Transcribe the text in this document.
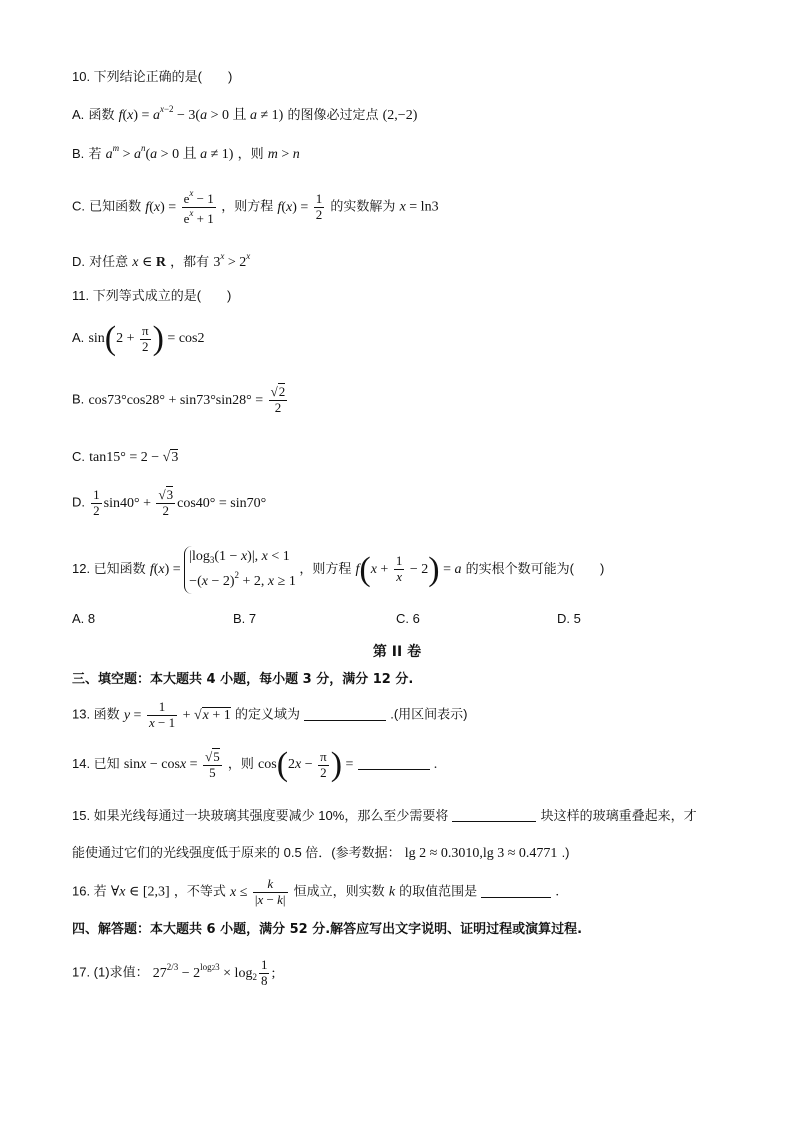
10. 下列结论正确的是(　　)
A. 函数 $f(x) = a^{x-2} - 3(a > 0$ 且 a ≠ 1) 的图像必过定点 (2,−2)
B. 若 $a^m > a^n(a > 0$ 且 a ≠ 1) ，则 m > n
C. 已知函数 $f(x) = \frac{e^x - 1}{e^x + 1}$ ，则方程 $f(x) = \frac{1}{2}$ 的实数解为 x = ln3
D. 对任意 x ∈ R ，都有 $3^x > 2^x$
11. 下列等式成立的是(　　)
A. $\sin(2 + \frac{\pi}{2}$ ) = cos2
B. $\cos 73^\circ\cos 28^\circ + \sin 73^\circ\sin 28^\circ = \frac{√2}{2}$
C. tan15° = 2 − √3
D. $\frac{1}{2} \sin 40^\circ + \frac{√3}{2} \cos 40^\circ = \sin 70^\circ$
12. 已知函数 $f(x) = |\log_3(1 - x)|$, x < 1
$-(x - 2)^2 + 2$, x ≥ 1 ，则方程 $f(x + \frac{1}{x} - 2) = a$ 的实根个数可能为(　　)
A. 8	B. 7	C. 6	D. 5
第 II 卷
三、填空题：本大题共 4 小题，每小题 3 分，满分 12 分.
13. 函数 $y = \frac{1}{x - 1} + √x + 1$ 的定义域为	.(用区间表示)
14. 已知 $\sin x - \cos x = \frac{√5}{5}$ ，则 $\cos(2x - \frac{\pi}{2}$ ) =	.
15. 如果光线每通过一块玻璃其强度要减少 10%，那么至少需要将	块这样的玻璃重叠起来，才
能使通过它们的光线强度低于原来的 0.5 倍．(参考数据： lg 2 ≈ 0.3010,lg 3 ≈ 0.4771 .)
16. 若 ∀x ∈ [2,3] ，不等式 $x \le \frac{k}{|x - k|}$ 恒成立，则实数 k 的取值范围是	.
四、解答题：本大题共 6 小题，满分 52 分.解答应写出文字说明、证明过程或演算过程.
17. (1)求值： $27^{2/3} - 2^{log23} \times \log_2 \frac{1}{8}$ ;
